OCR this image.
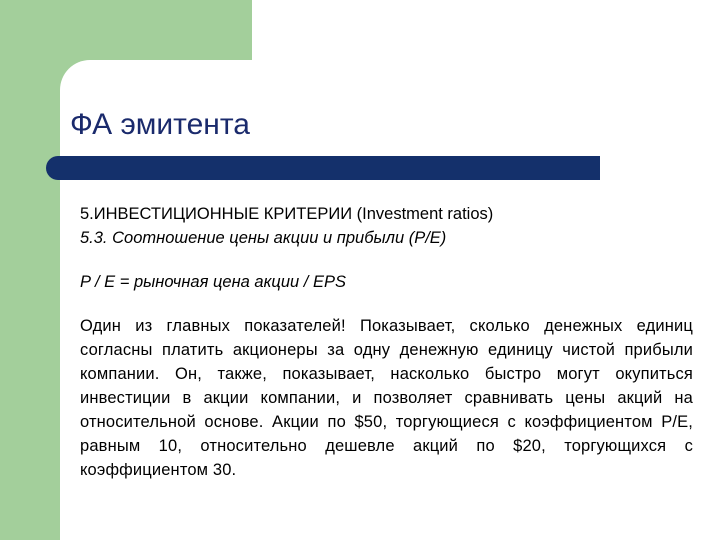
ФА эмитента
5.ИНВЕСТИЦИОННЫЕ КРИТЕРИИ (Investment ratios)
5.3. Соотношение цены акции и прибыли (P/E)
P / E = рыночная цена акции / EPS
Один из главных показателей! Показывает, сколько денежных единиц согласны платить акционеры за одну денежную единицу чистой прибыли компании. Он, также, показывает, насколько быстро могут окупиться инвестиции в акции компании, и позволяет сравнивать цены акций на относительной основе. Акции по $50, торгующиеся с коэффициентом P/E, равным 10, относительно дешевле акций по $20, торгующихся с коэффициентом 30.
